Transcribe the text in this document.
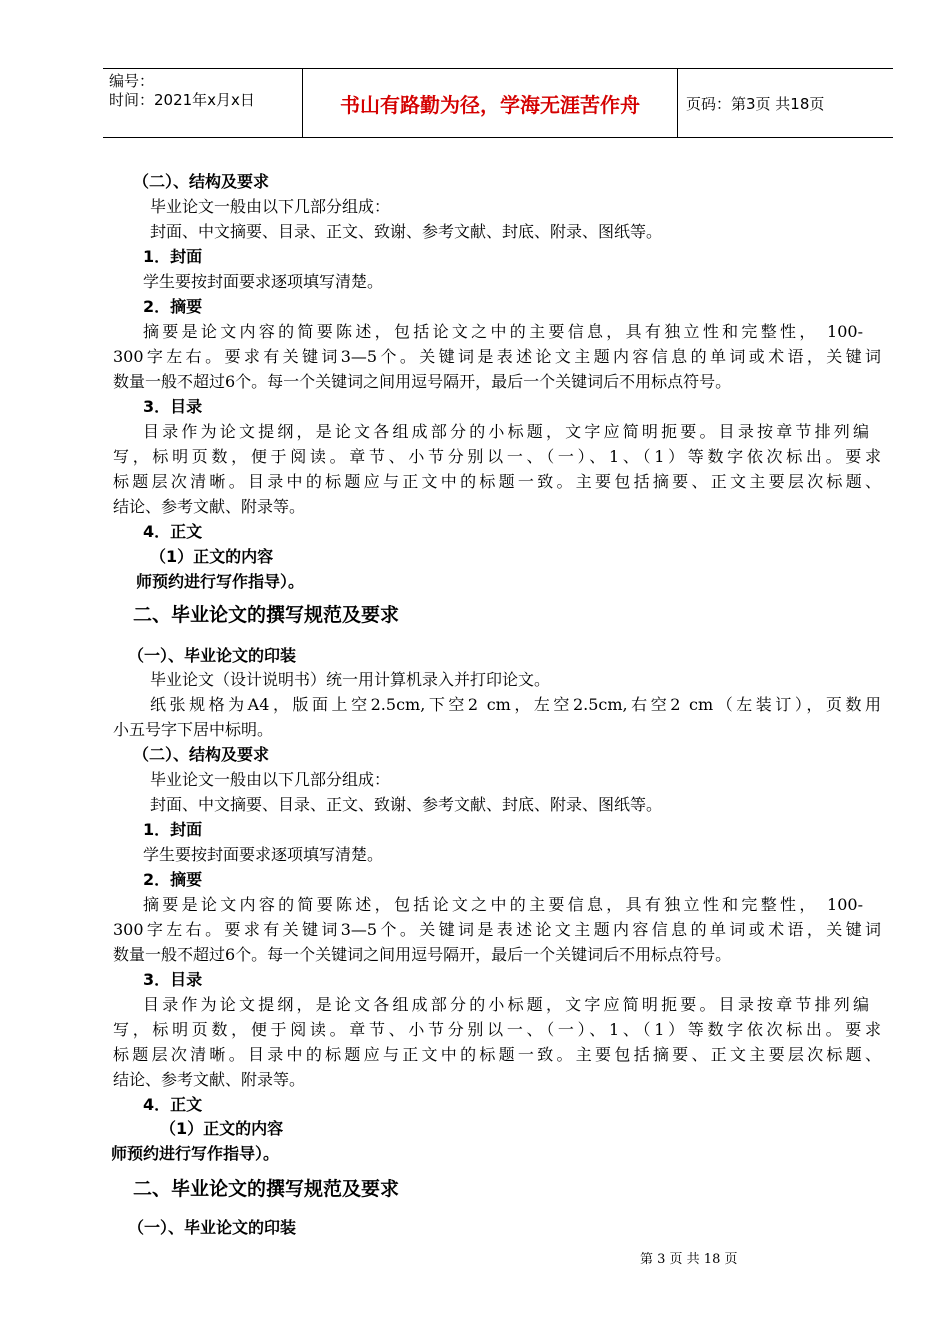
编号：
时间：2021年x月x日	书山有路勤为径，学海无涯苦作舟	页码：第3页 共18页
（二）、结构及要求
毕业论文一般由以下几部分组成：
封面、中文摘要、目录、正文、致谢、参考文献、封底、附录、图纸等。
1．封面
学生要按封面要求逐项填写清楚。
2．摘要
摘要是论文内容的简要陈述，包括论文之中的主要信息，具有独立性和完整性， 100-
300字左右。要求有关键词3—5个。关键词是表述论文主题内容信息的单词或术语，关键词
数量一般不超过6个。每一个关键词之间用逗号隔开，最后一个关键词后不用标点符号。
3．目录
目录作为论文提纲，是论文各组成部分的小标题，文字应简明扼要。目录按章节排列编
写，标明页数，便于阅读。章节、小节分别以一、（一）、1、（1）等数字依次标出。要求
标题层次清晰。目录中的标题应与正文中的标题一致。主要包括摘要、正文主要层次标题、
结论、参考文献、附录等。
4．正文
（1）正文的内容
师预约进行写作指导）。
二、毕业论文的撰写规范及要求
（一）、毕业论文的印装
毕业论文（设计说明书）统一用计算机录入并打印论文。
纸张规格为A4，版面上空2.5cm,下空2 cm，左空2.5cm,右空2 cm（左装订），页数用
小五号字下居中标明。
（二）、结构及要求
毕业论文一般由以下几部分组成：
封面、中文摘要、目录、正文、致谢、参考文献、封底、附录、图纸等。
1．封面
学生要按封面要求逐项填写清楚。
2．摘要
摘要是论文内容的简要陈述，包括论文之中的主要信息，具有独立性和完整性， 100-
300字左右。要求有关键词3—5个。关键词是表述论文主题内容信息的单词或术语，关键词
数量一般不超过6个。每一个关键词之间用逗号隔开，最后一个关键词后不用标点符号。
3．目录
目录作为论文提纲，是论文各组成部分的小标题，文字应简明扼要。目录按章节排列编
写，标明页数，便于阅读。章节、小节分别以一、（一）、1、（1）等数字依次标出。要求
标题层次清晰。目录中的标题应与正文中的标题一致。主要包括摘要、正文主要层次标题、
结论、参考文献、附录等。
4．正文
（1）正文的内容
师预约进行写作指导）。
二、毕业论文的撰写规范及要求
（一）、毕业论文的印装
第 3 页 共 18 页
